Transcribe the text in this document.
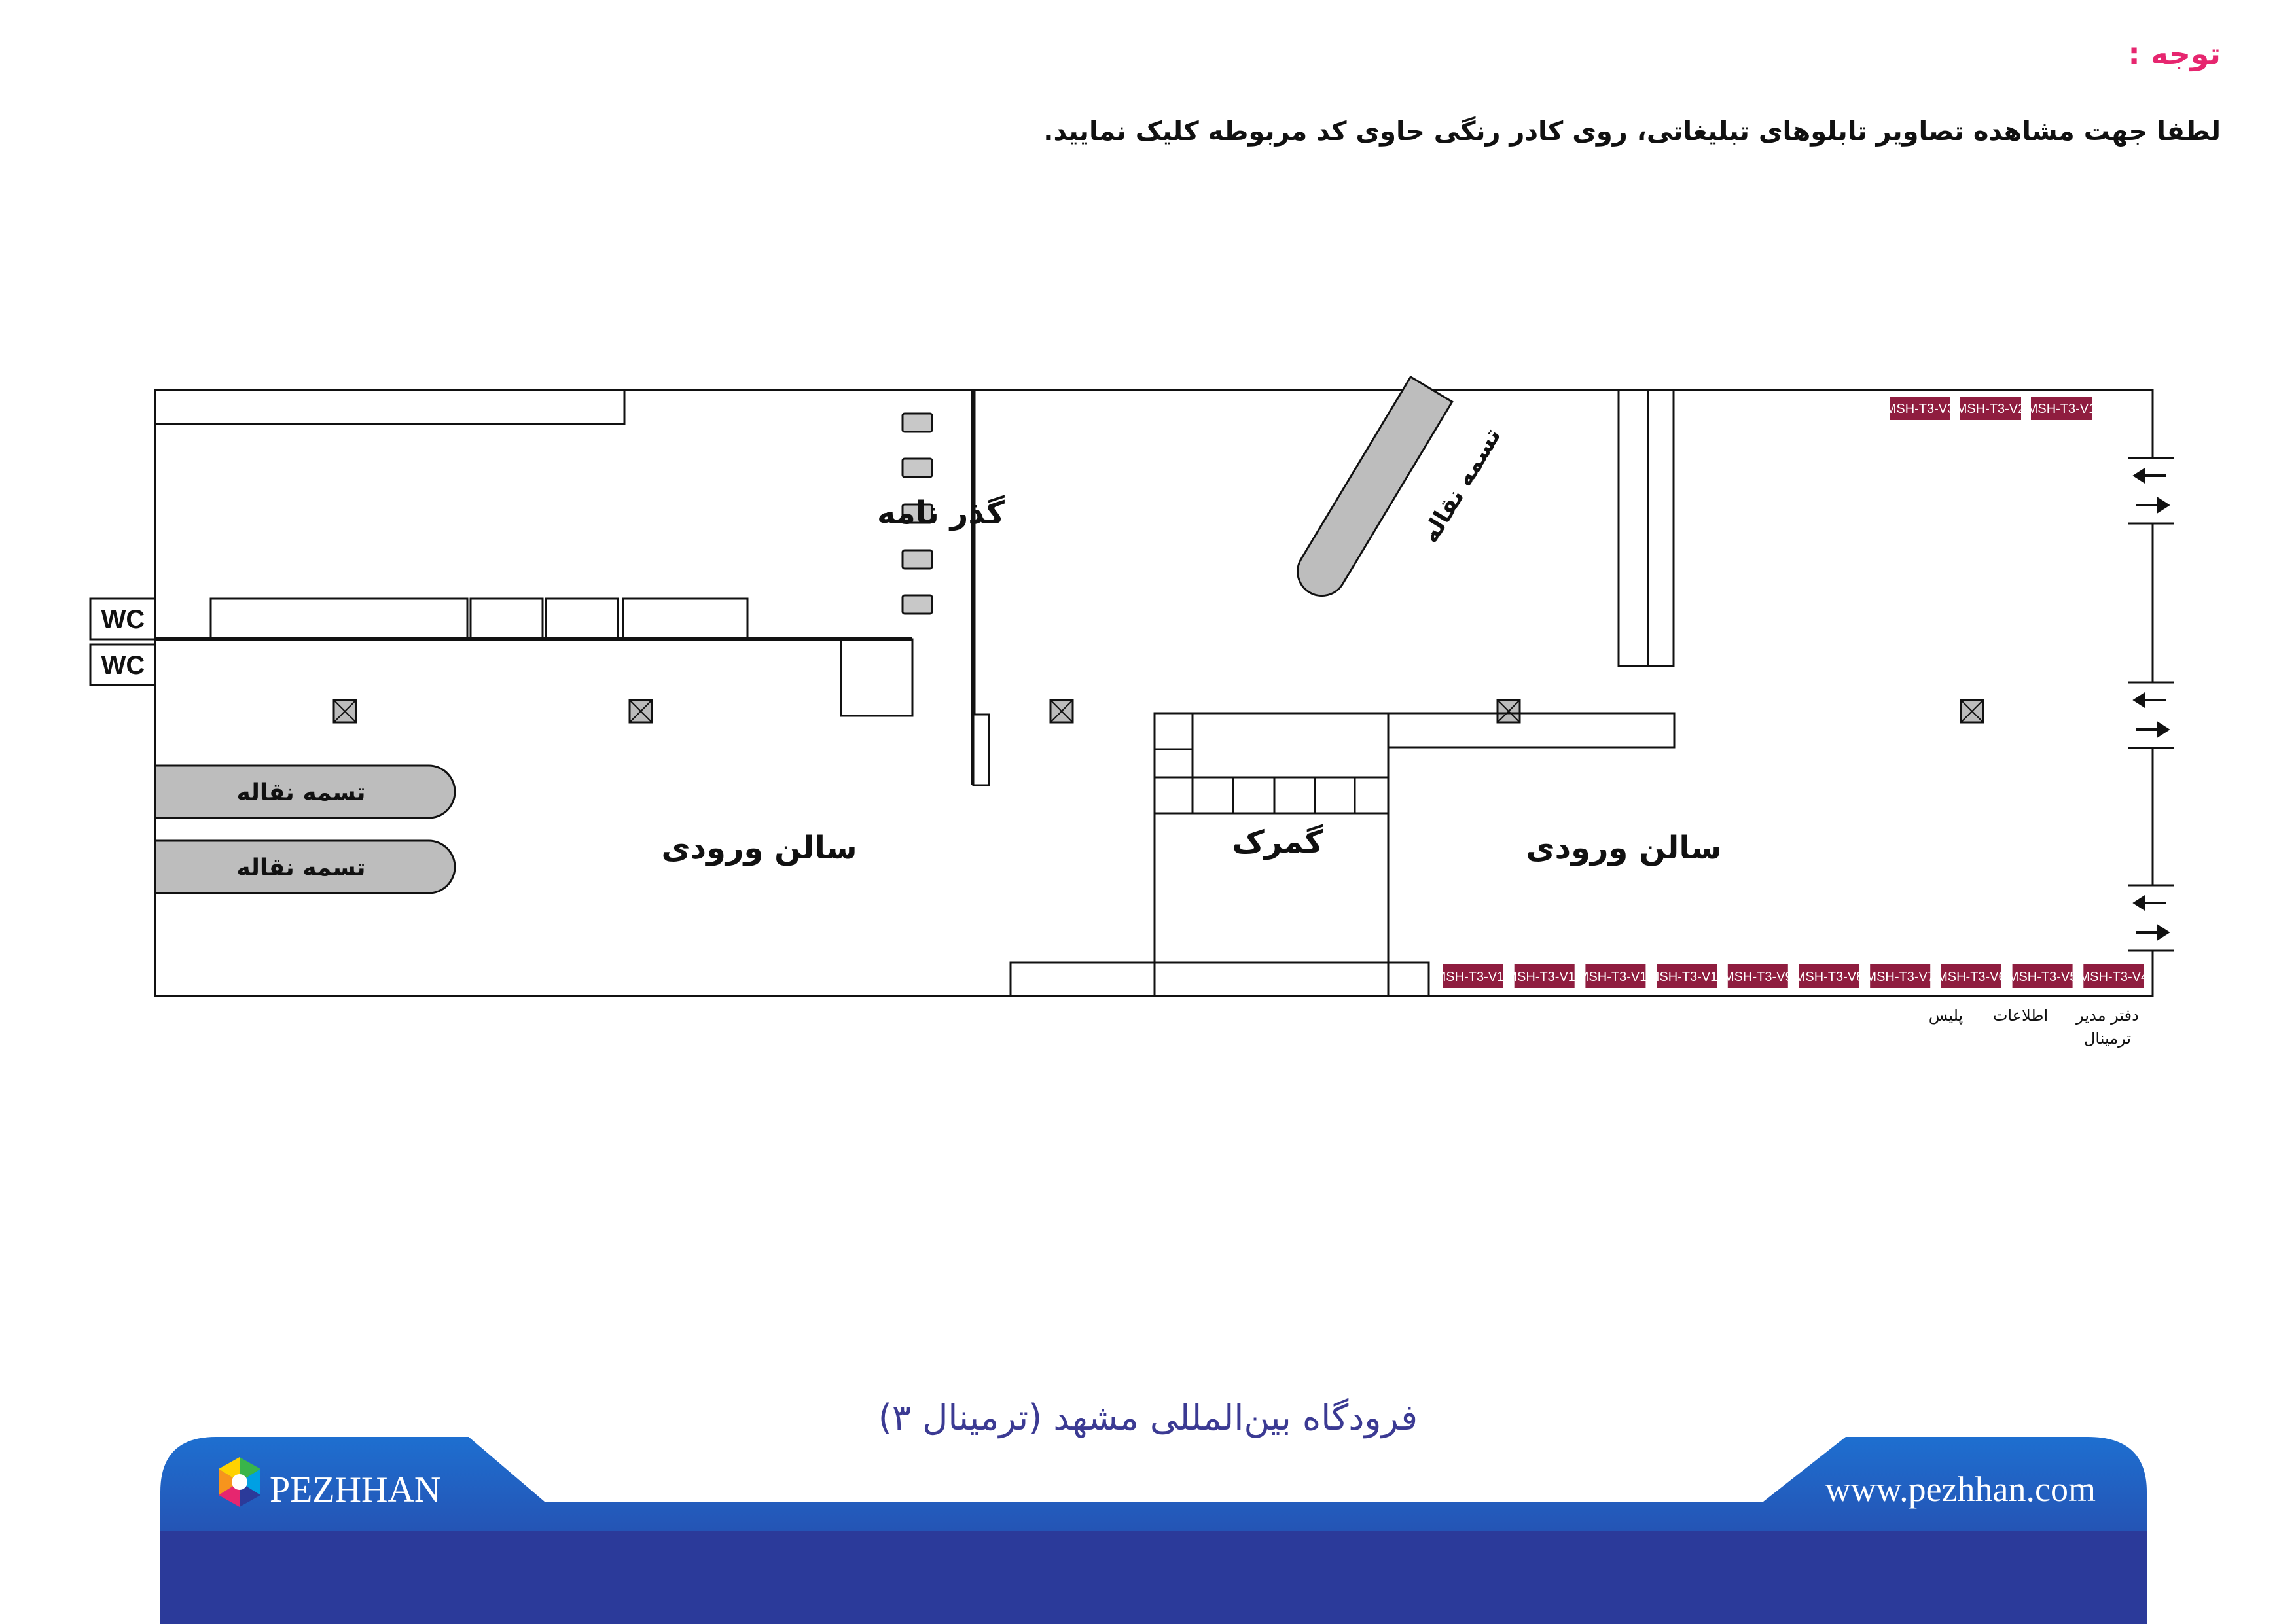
توجه :

لطفا جهت مشاهده تصاویر تابلوهای تبلیغاتی، روی کادر رنگی حاوی کد مربوطه کلیک نمایید.

WC
WC
گذر نامه
تسمه نقاله
تسمه نقاله
تسمه نقاله
گمرک
سالن ورودی	سالن ورودی
MSH-T3-V3 MSH-T3-V2 MSH-T3-V1
MSH-T3-V13
MSH-T3-V12
MSH-T3-V11
MSH-T3-V10
MSH-T3-V9 MSH-T3-V8 MSH-T3-V7 MSH-T3-V6 MSH-T3-V5 MSH-T3-V4
پلیس اطلاعات دفتر مدیر
ترمینال
فرودگاه بین‌المللی مشهد (ترمینال ۳)
PEZHHAN	www.pezhhan.com
